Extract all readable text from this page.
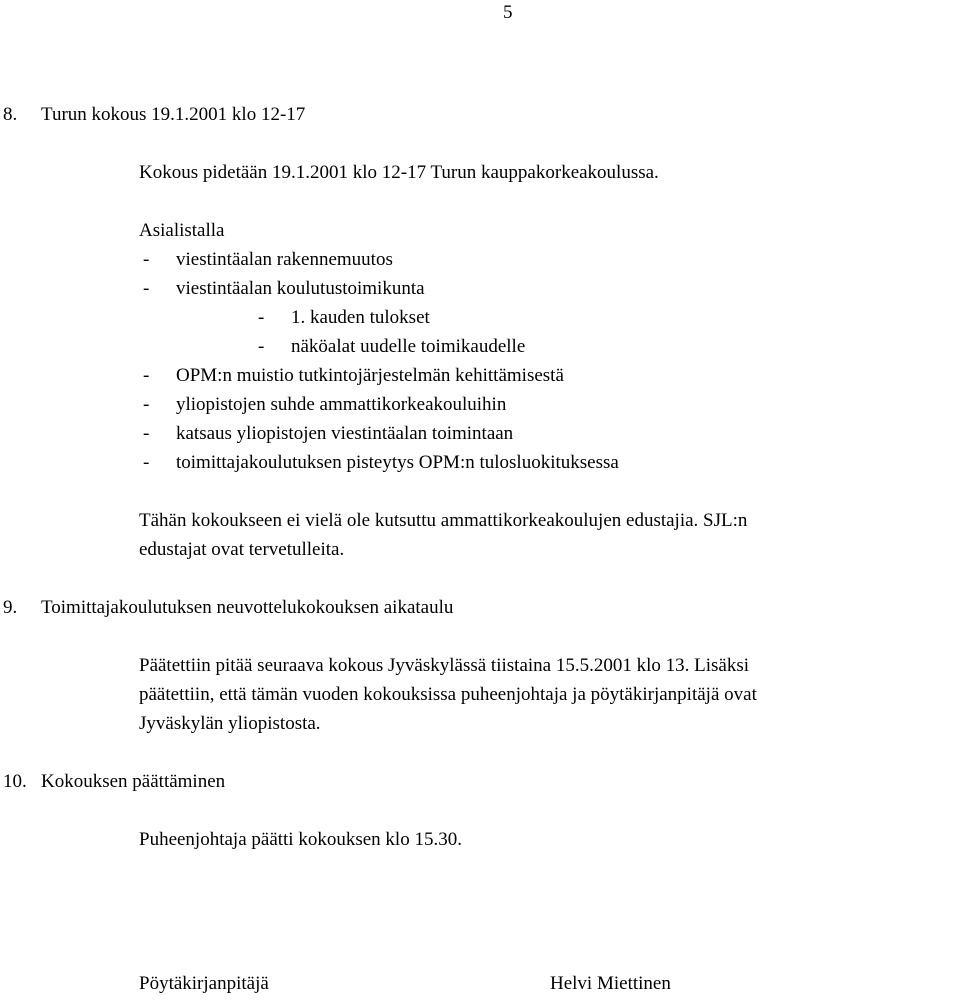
5
8. Turun kokous 19.1.2001 klo 12-17
Kokous pidetään 19.1.2001 klo 12-17 Turun kauppakorkeakoulussa.
Asialistalla
- viestintäalan rakennemuutos
- viestintäalan koulutustoimikunta
- 1. kauden tulokset
- näköalat uudelle toimikaudelle
- OPM:n muistio tutkintojärjestelmän kehittämisestä
- yliopistojen suhde ammattikorkeakouluihin
- katsaus yliopistojen viestintäalan toimintaan
- toimittajakoulutuksen pisteytys OPM:n tulosluokituksessa
Tähän kokoukseen ei vielä ole kutsuttu ammattikorkeakoulujen edustajia. SJL:n
edustajat ovat tervetulleita.
9. Toimittajakoulutuksen neuvottelukokouksen aikataulu
Päätettiin pitää seuraava kokous Jyväskylässä tiistaina 15.5.2001 klo 13. Lisäksi
päätettiin, että tämän vuoden kokouksissa puheenjohtaja ja pöytäkirjanpitäjä ovat
Jyväskylän yliopistosta.
10. Kokouksen päättäminen
Puheenjohtaja päätti kokouksen klo 15.30.
Pöytäkirjanpitäjä	Helvi Miettinen
